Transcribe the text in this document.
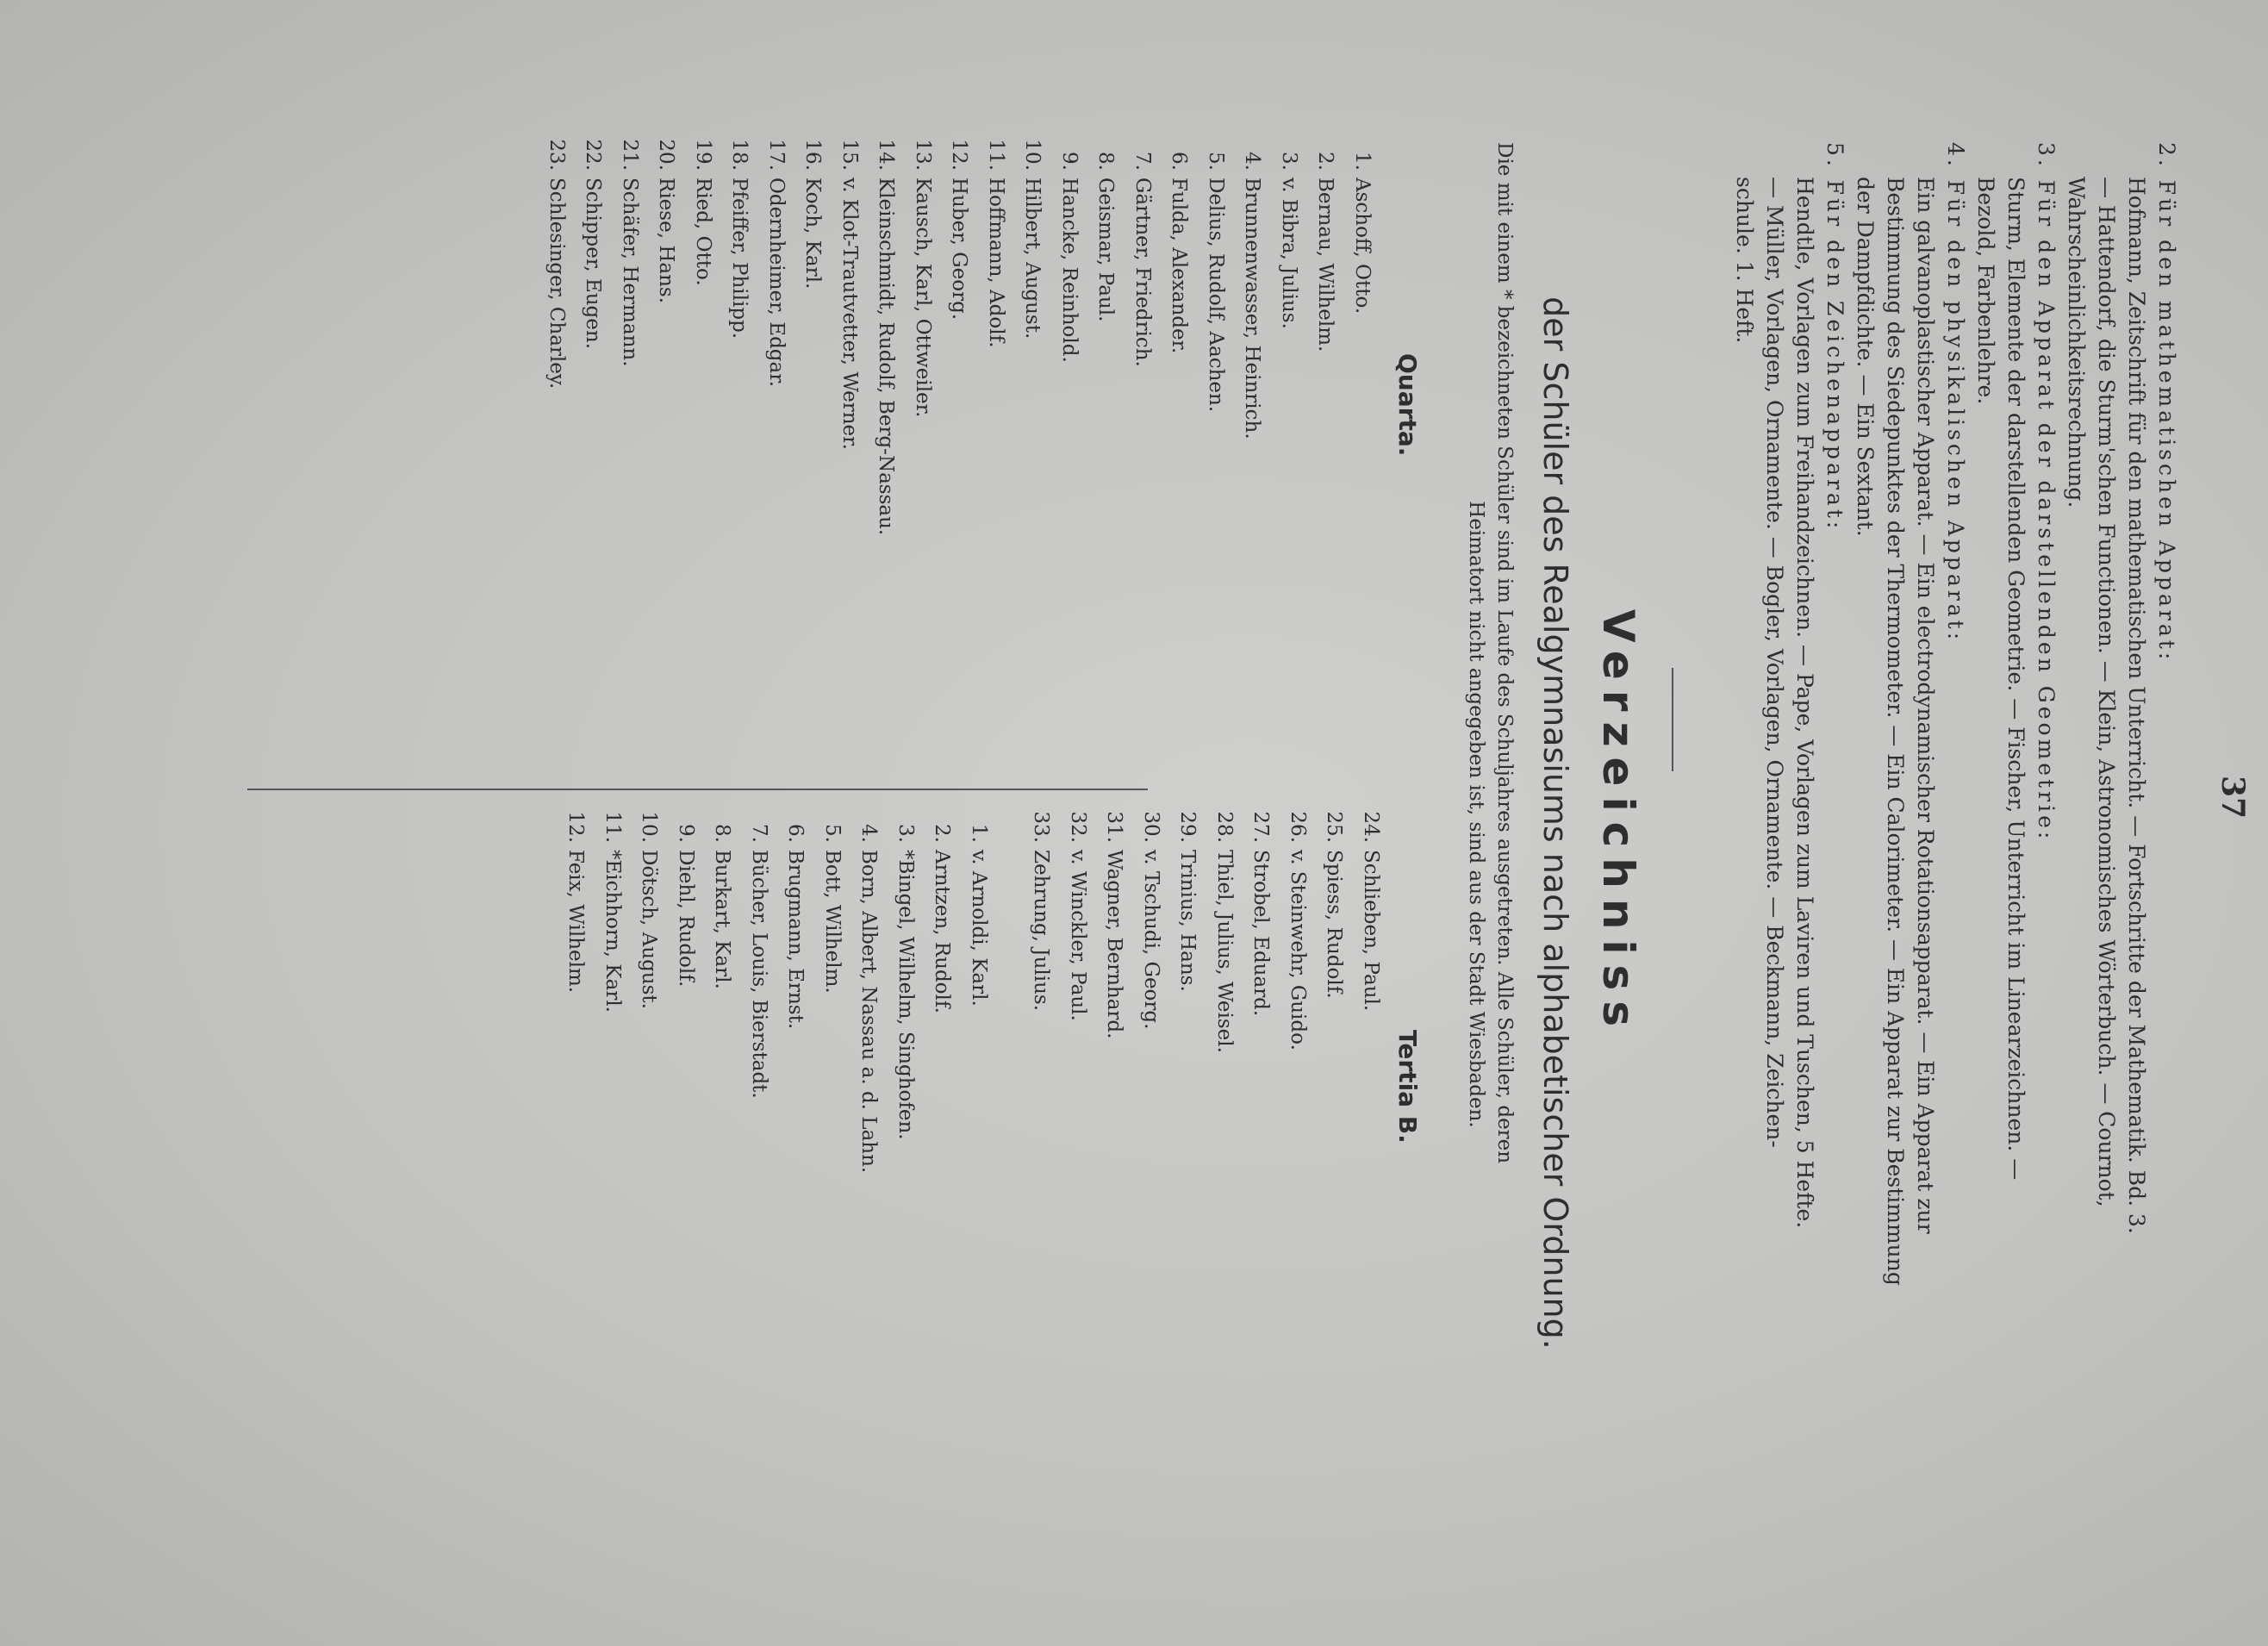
37
2. Für den mathematischen Apparat:
Hofmann, Zeitschrift für den mathematischen Unterricht. — Fortschritte der Mathematik. Bd. 3.
— Hattendorf, die Sturm'schen Functionen. — Klein, Astronomisches Wörterbuch. — Cournot,
Wahrscheinlichkeitsrechnung.
3. Für den Apparat der darstellenden Geometrie:
Sturm, Elemente der darstellenden Geometrie. — Fischer, Unterricht im Linearzeichnen. —
Bezold, Farbenlehre.
4. Für den physikalischen Apparat:
Ein galvanoplastischer Apparat. — Ein electrodynamischer Rotationsapparat. — Ein Apparat zur
Bestimmung des Siedepunktes der Thermometer. — Ein Calorimeter. — Ein Apparat zur Bestimmung
der Dampfdichte. — Ein Sextant.
5. Für den Zeichenapparat:
Hendtle, Vorlagen zum Freihandzeichnen. — Pape, Vorlagen zum Laviren und Tuschen, 5 Hefte.
— Müller, Vorlagen, Ornamente. — Bogler, Vorlagen, Ornamente. — Beckmann, Zeichen-
schule. 1. Heft.
Verzeichniss
der Schüler des Realgymnasiums nach alphabetischer Ordnung.
Die mit einem * bezeichneten Schüler sind im Laufe des Schuljahres ausgetreten. Alle Schüler, deren
Heimatort nicht angegeben ist, sind aus der Stadt Wiesbaden.
Quarta.
Tertia B.
1.Aschoff, Otto.
2.Bernau, Wilhelm.
3.v. Bibra, Julius.
4.Brunnenwasser, Heinrich.
5.Delius, Rudolf, Aachen.
6.Fulda, Alexander.
7.Gärtner, Friedrich.
8.Geismar, Paul.
9.Hancke, Reinhold.
10.Hilbert, August.
11.Hoffmann, Adolf.
12.Huber, Georg.
13.Kausch, Karl, Ottweiler.
14.Kleinschmidt, Rudolf, Berg-Nassau.
15.v. Klot-Trautvetter, Werner.
16.Koch, Karl.
17.Odernheimer, Edgar.
18.Pfeiffer, Philipp.
19.Ried, Otto.
20.Riese, Hans.
21.Schäfer, Hermann.
22.Schipper, Eugen.
23.Schlesinger, Charley.
24.Schlieben, Paul.
25.Spiess, Rudolf.
26.v. Steinwehr, Guido.
27.Strobel, Eduard.
28.Thiel, Julius, Weisel.
29.Trinius, Hans.
30.v. Tschudi, Georg.
31.Wagner, Bernhard.
32.v. Winckler, Paul.
33.Zehrung, Julius.
1.v. Arnoldi, Karl.
2.Arntzen, Rudolf.
3.*Bingel, Wilhelm, Singhofen.
4.Born, Albert, Nassau a. d. Lahn.
5.Bott, Wilhelm.
6.Brugmann, Ernst.
7.Bücher, Louis, Bierstadt.
8.Burkart, Karl.
9.Diehl, Rudolf.
10.Dötsch, August.
11.*Eichhorn, Karl.
12.Feix, Wilhelm.
